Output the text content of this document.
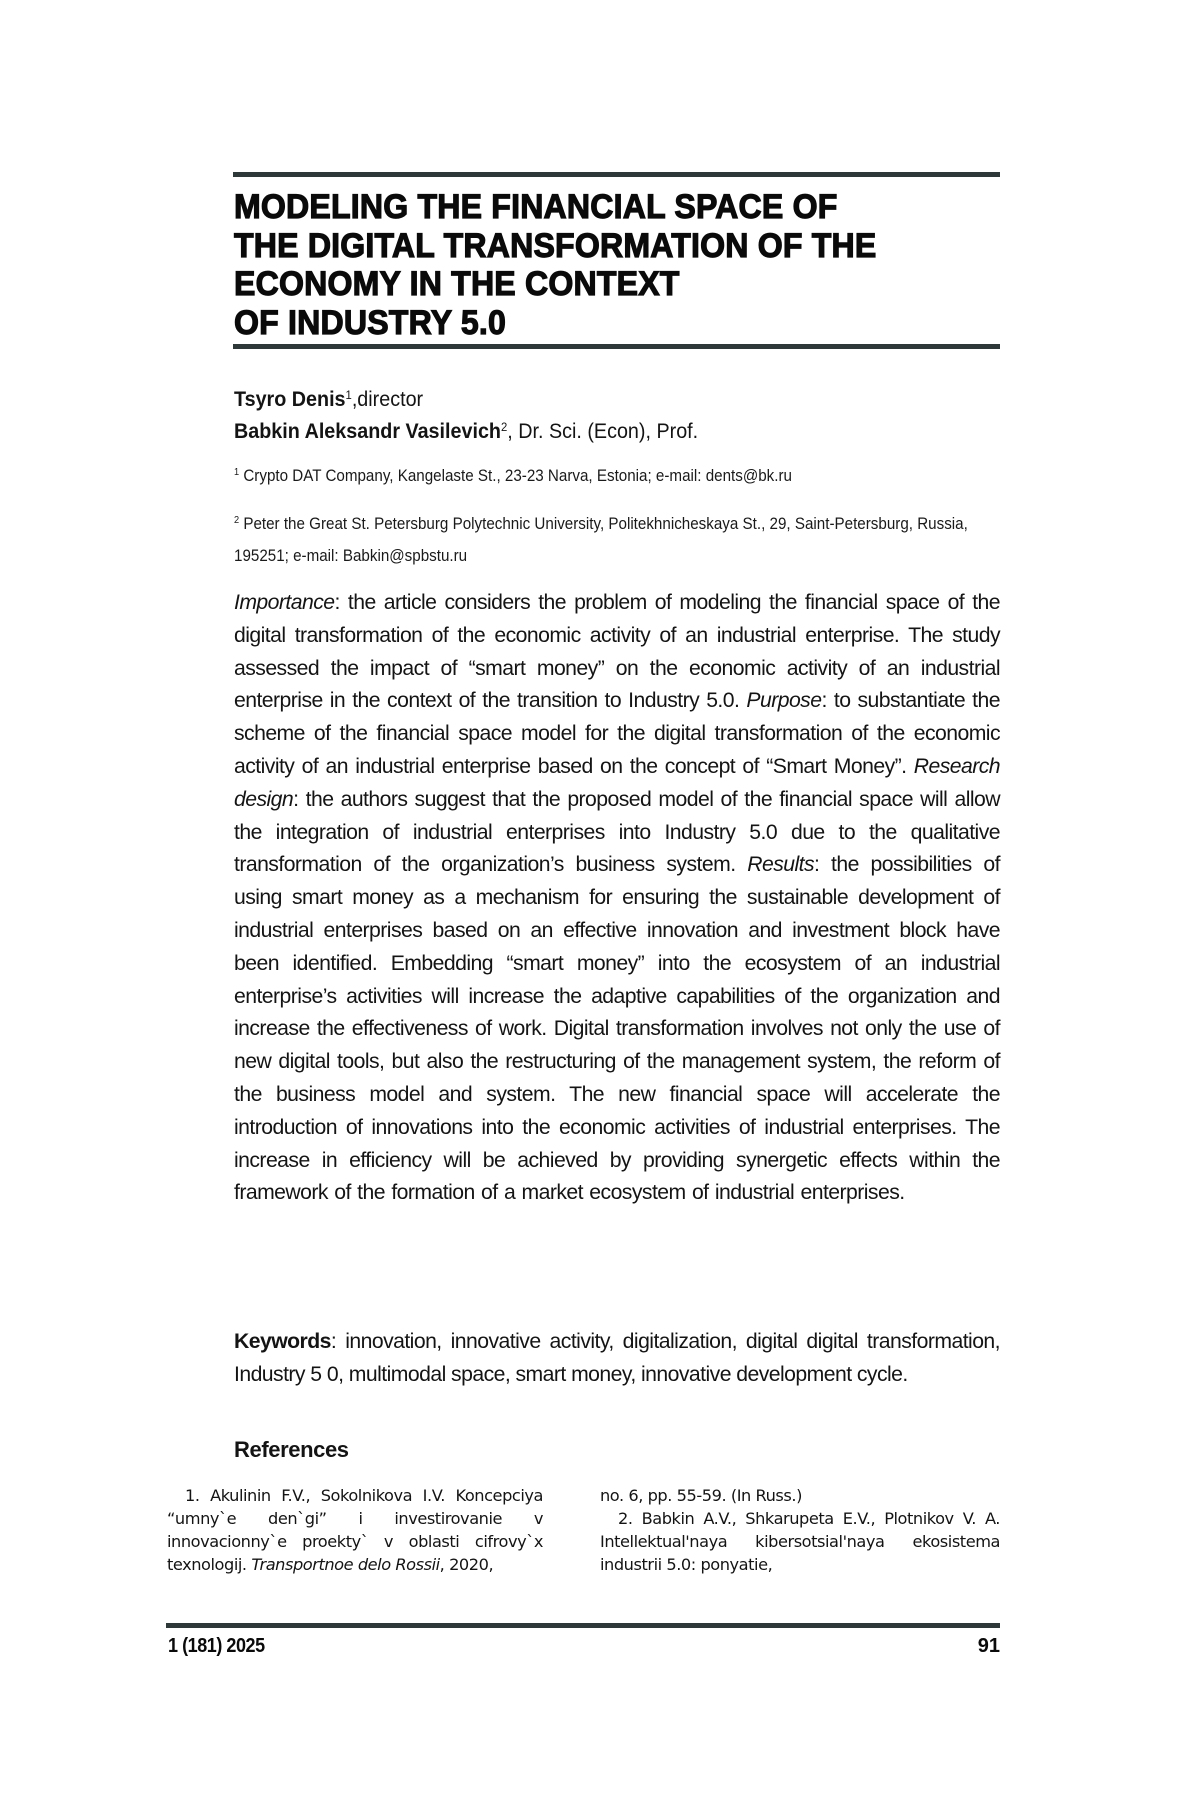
MODELING THE FINANCIAL SPACE OF
THE DIGITAL TRANSFORMATION OF THE
ECONOMY IN THE CONTEXT
OF INDUSTRY 5.0
Tsyro Denis$^1$,director
Babkin Aleksandr Vasilevich$^2$, Dr. Sci. (Econ), Prof.
$^1$ Crypto DAT Company, Kangelaste St., 23-23 Narva, Estonia; e-mail: dents@bk.ru
$^2$ Peter the Great St. Petersburg Polytechnic University, Politekhnicheskaya St., 29, Saint-Petersburg, Russia, 195251; e-mail: Babkin@spbstu.ru
Importance: the article considers the problem of modeling the financial space of the digital transformation of the economic activity of an industrial enterprise. The study assessed the impact of “smart money” on the economic activity of an industrial enterprise in the context of the transition to Industry 5.0. Purpose: to substantiate the scheme of the financial space model for the digital transformation of the economic activity of an industrial enterprise based on the concept of “Smart Money”. Research design: the authors suggest that the proposed model of the financial space will allow the integration of industrial enterprises into Industry 5.0 due to the qualitative transformation of the organization’s business system. Results: the possibilities of using smart money as a mechanism for ensuring the sustainable development of industrial enterprises based on an effective innovation and investment block have been identified. Embedding “smart money” into the ecosystem of an industrial enterprise’s activities will increase the adaptive capabilities of the organization and increase the effectiveness of work. Digital transformation involves not only the use of new digital tools, but also the restructuring of the management system, the reform of the business model and system. The new financial space will accelerate the introduction of innovations into the economic activities of industrial enterprises. The increase in efficiency will be achieved by providing synergetic effects within the framework of the formation of a market ecosystem of industrial enterprises.
Keywords: innovation, innovative activity, digitalization, digital digital transformation, Industry 5 0, multimodal space, smart money, innovative development cycle.
References

1. Akulinin F.V., Sokolnikova I.V. Koncepciya “umny`e den`gi” i investirovanie v innovacionny`e proekty` v oblasti cifrovy`x texnologij. Transportnoe delo Rossii, 2020,

no. 6, pp. 55-59. (In Russ.)

2. Babkin A.V., Shkarupeta E.V., Plotnikov V. A. Intellektual'naya kibersotsial'naya ekosistema industrii 5.0: ponyatie,

1 (181) 2025	91
